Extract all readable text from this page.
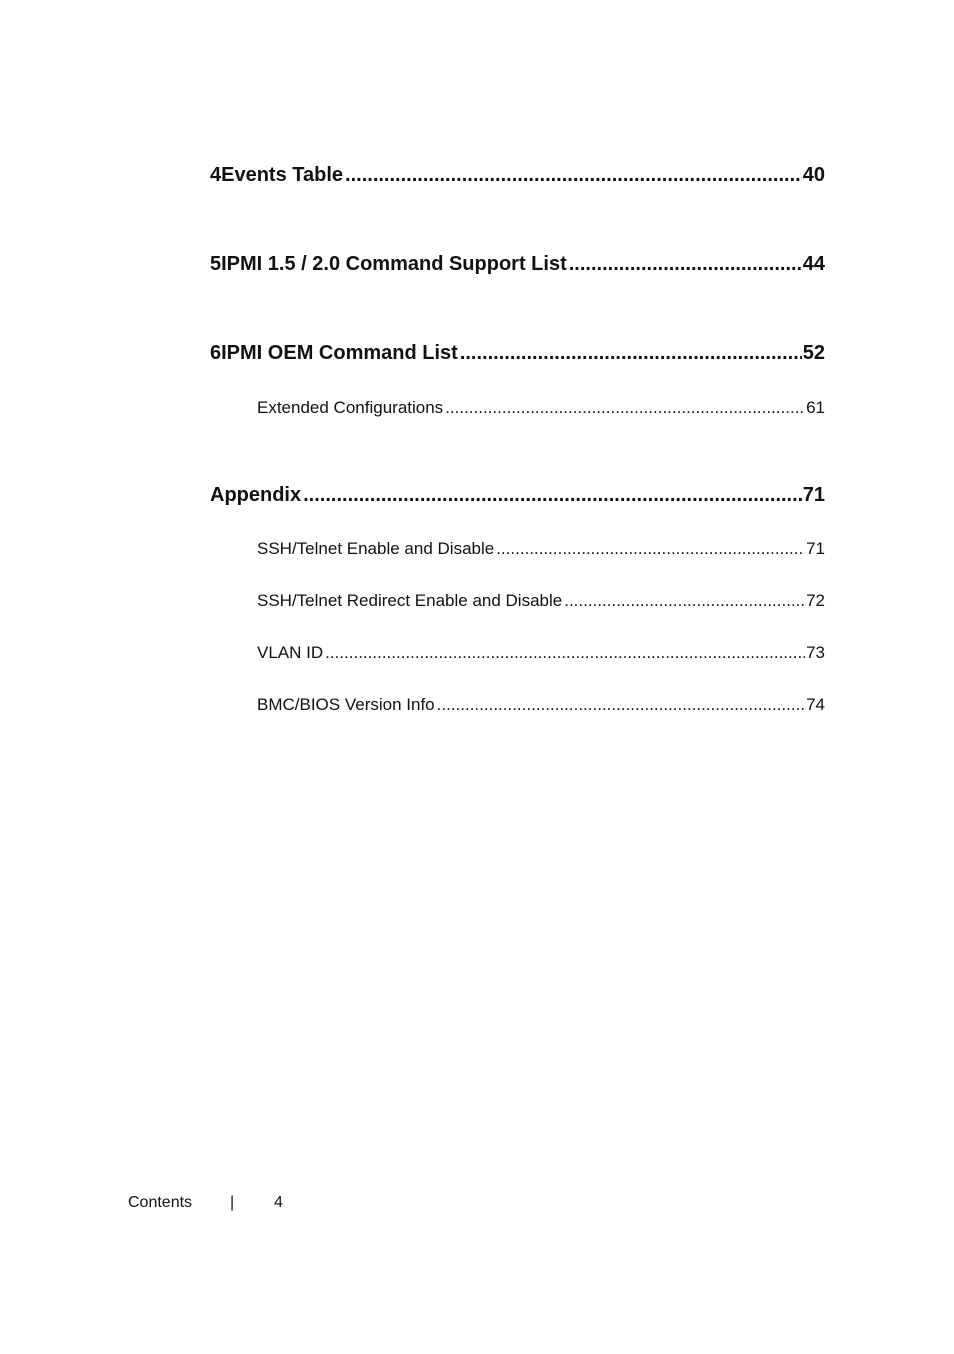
4 Events Table .....	40
5 IPMI 1.5 / 2.0 Command Support List .....	44
6 IPMI OEM Command List .....	52
Extended Configurations .....	61
Appendix .....	71
SSH/Telnet Enable and Disable .....	71
SSH/Telnet Redirect Enable and Disable .....	72
VLAN ID .....	73
BMC/BIOS Version Info .....	74
Contents | 4
